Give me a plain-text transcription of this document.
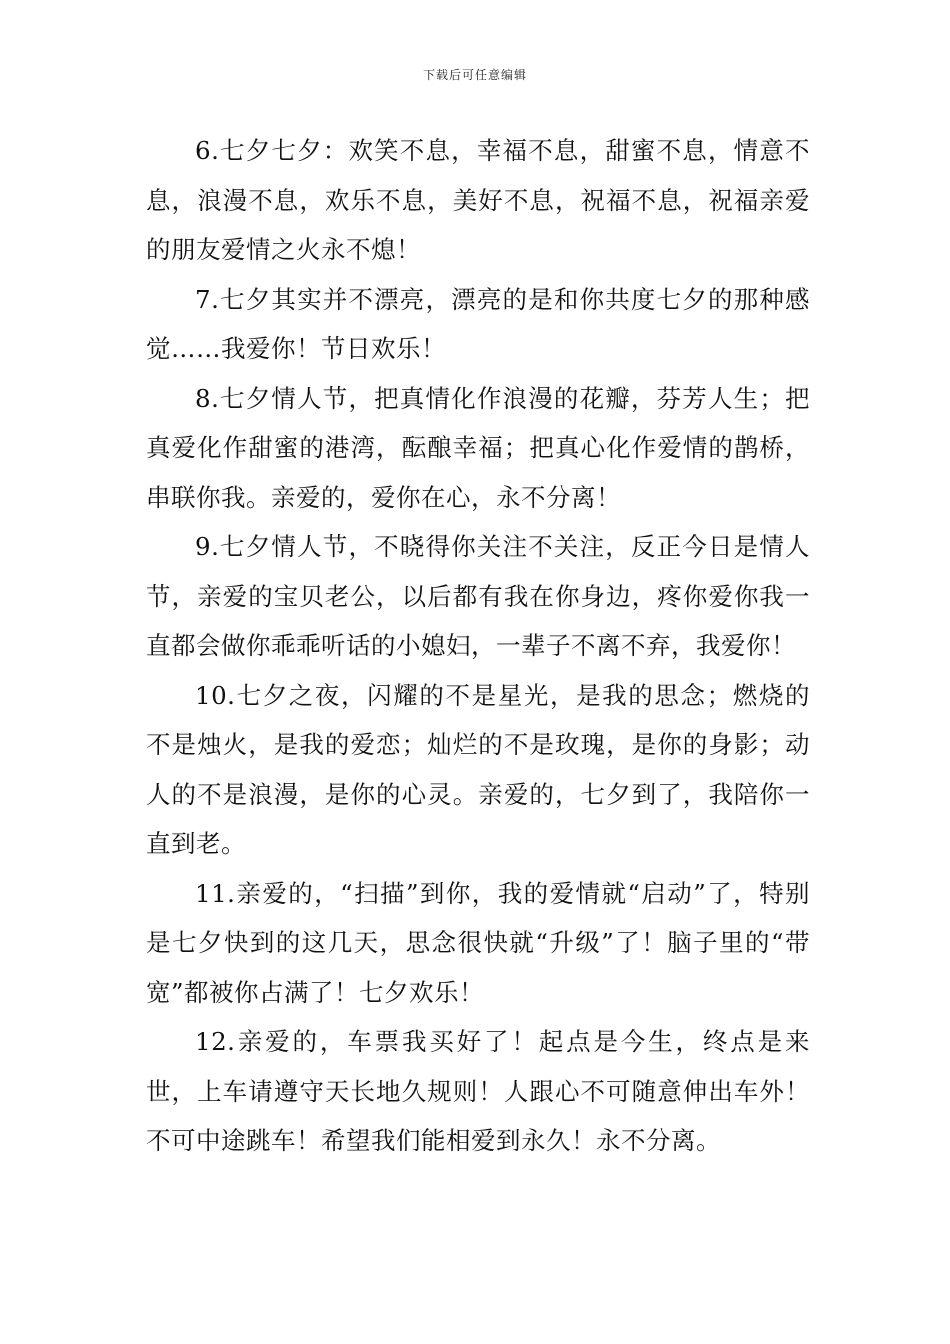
下载后可任意编辑

6.七夕七夕：欢笑不息，幸福不息，甜蜜不息，情意不息，浪漫不息，欢乐不息，美好不息，祝福不息，祝福亲爱的朋友爱情之火永不熄！

7.七夕其实并不漂亮，漂亮的是和你共度七夕的那种感觉……我爱你！节日欢乐！

8.七夕情人节，把真情化作浪漫的花瓣，芬芳人生；把真爱化作甜蜜的港湾，酝酿幸福；把真心化作爱情的鹊桥，串联你我。亲爱的，爱你在心，永不分离！

9.七夕情人节，不晓得你关注不关注，反正今日是情人节，亲爱的宝贝老公，以后都有我在你身边，疼你爱你我一直都会做你乖乖听话的小媳妇，一辈子不离不弃，我爱你！

10.七夕之夜，闪耀的不是星光，是我的思念；燃烧的不是烛火，是我的爱恋；灿烂的不是玫瑰，是你的身影；动人的不是浪漫，是你的心灵。亲爱的，七夕到了，我陪你一直到老。

11.亲爱的，“扫描”到你，我的爱情就“启动”了，特别是七夕快到的这几天，思念很快就“升级”了！脑子里的“带宽”都被你占满了！七夕欢乐！

12.亲爱的，车票我买好了！起点是今生，终点是来世，上车请遵守天长地久规则！人跟心不可随意伸出车外！不可中途跳车！希望我们能相爱到永久！永不分离。
